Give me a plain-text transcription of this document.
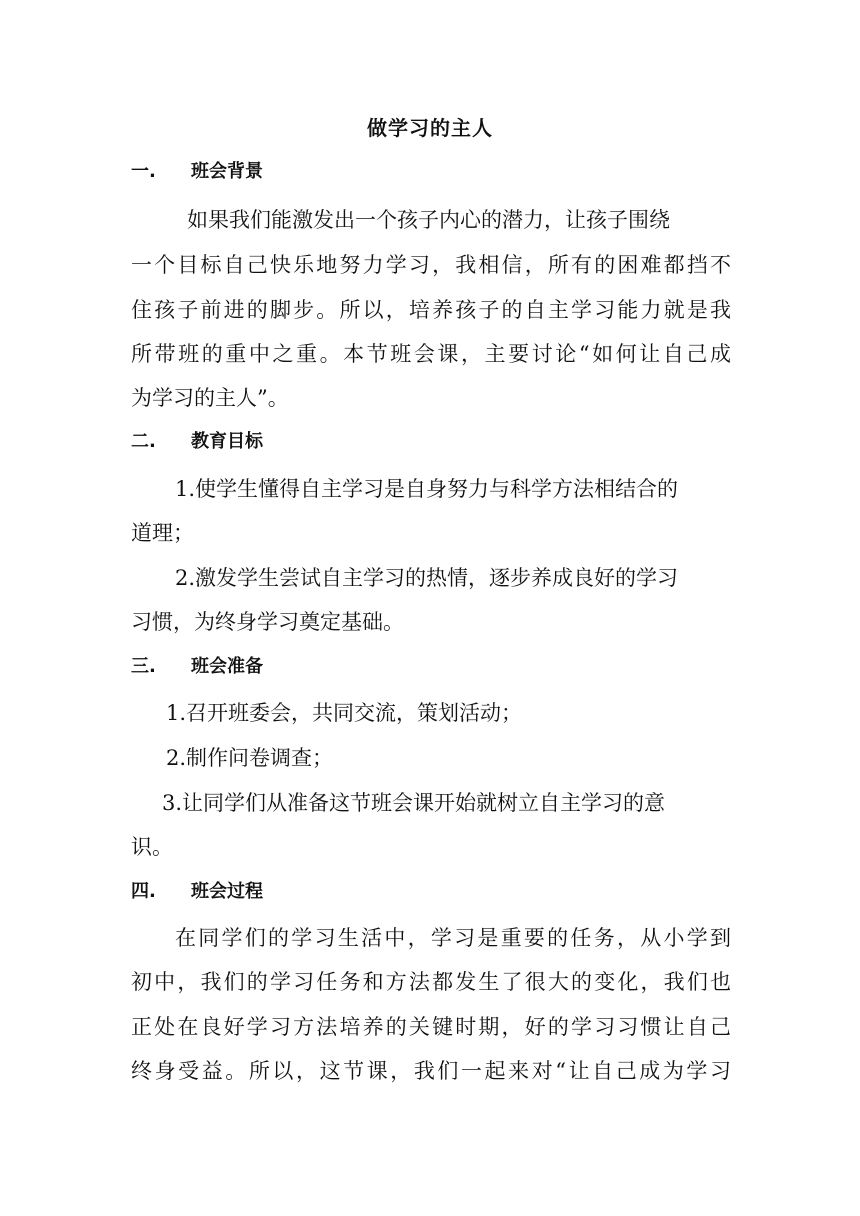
做学习的主人
一. 班会背景
如果我们能激发出一个孩子内心的潜力，让孩子围绕
一个目标自己快乐地努力学习，我相信，所有的困难都挡不
住孩子前进的脚步。所以，培养孩子的自主学习能力就是我
所带班的重中之重。本节班会课，主要讨论“如何让自己成
为学习的主人”。
二. 教育目标
1.使学生懂得自主学习是自身努力与科学方法相结合的
道理；
2.激发学生尝试自主学习的热情，逐步养成良好的学习
习惯，为终身学习奠定基础。
三. 班会准备
1.召开班委会，共同交流，策划活动；
2.制作问卷调查；
3.让同学们从准备这节班会课开始就树立自主学习的意
识。
四. 班会过程
在同学们的学习生活中，学习是重要的任务，从小学到
初中，我们的学习任务和方法都发生了很大的变化，我们也
正处在良好学习方法培养的关键时期，好的学习习惯让自己
终身受益。所以，这节课，我们一起来对“让自己成为学习
